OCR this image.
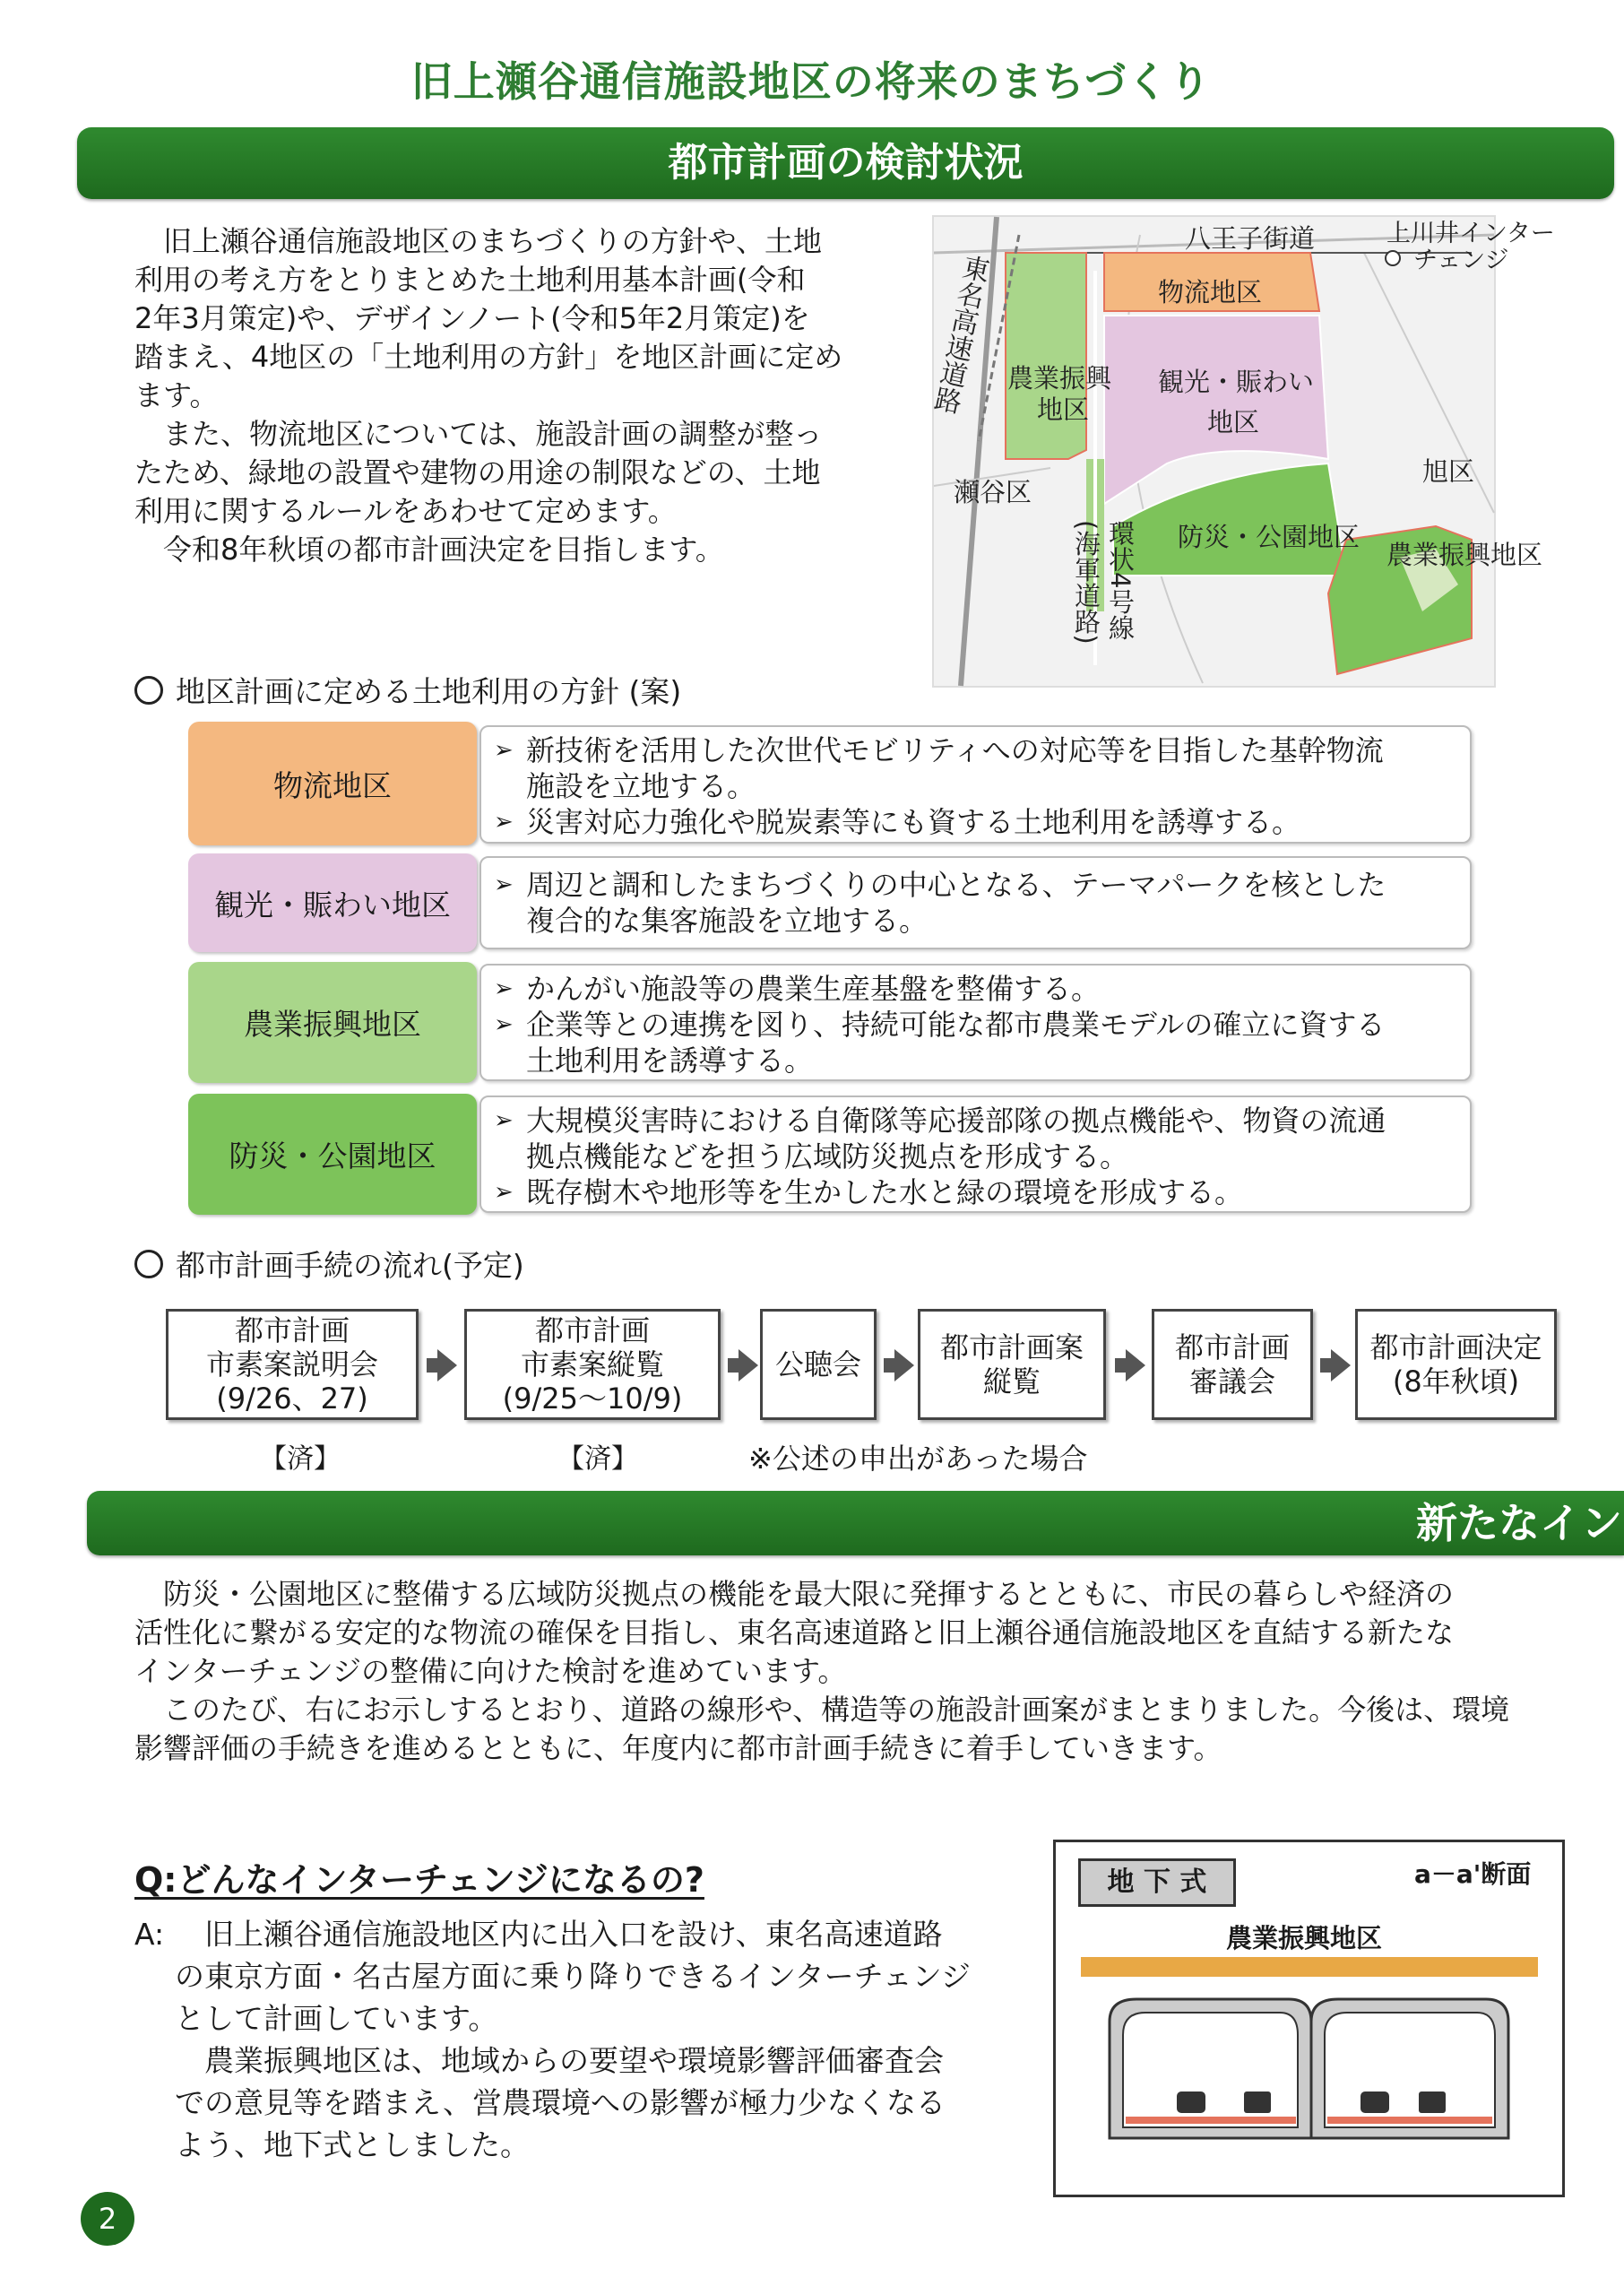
旧上瀬谷通信施設地区の将来のまちづくり
都市計画の検討状況

旧上瀬谷通信施設地区のまちづくりの方針や、土地

利用の考え方をとりまとめた土地利用基本計画(令和

2年3月策定)や、デザインノート(令和5年2月策定)を

踏まえ、4地区の「土地利用の方針」を地区計画に定め

ます。

また、物流地区については、施設計画の調整が整っ

たため、緑地の設置や建物の用途の制限などの、土地

利用に関するルールをあわせて定めます。

令和8年秋頃の都市計画決定を目指します。

八王子街道	上川井インター
チェンジ
東名高速道路	物流地区
農業振興
地区
観光・賑わい
地区
旭区
瀬谷区
(海軍道路) 環状4号線 防災・公園地区
農業振興地区
地区計画に定める土地利用の方針 (案)
物流地区
➢ 新技術を活用した次世代モビリティへの対応等を目指した基幹物流
施設を立地する。
➢ 災害対応力強化や脱炭素等にも資する土地利用を誘導する。
観光・賑わい地区
➢ 周辺と調和したまちづくりの中心となる、テーマパークを核とした
複合的な集客施設を立地する。
農業振興地区
➢ かんがい施設等の農業生産基盤を整備する。
➢ 企業等との連携を図り、持続可能な都市農業モデルの確立に資する
土地利用を誘導する。
防災・公園地区
➢ 大規模災害時における自衛隊等応援部隊の拠点機能や、物資の流通
拠点機能などを担う広域防災拠点を形成する。
➢ 既存樹木や地形等を生かした水と緑の環境を形成する。
都市計画手続の流れ(予定)
都市計画
市素案説明会
(9/26、27)
都市計画
市素案縦覧
(9/25～10/9)
公聴会	都市計画案
縦覧
都市計画
審議会
都市計画決定
(8年秋頃)
【済】	【済】	※公述の申出があった場合
新たなイン

防災・公園地区に整備する広域防災拠点の機能を最大限に発揮するとともに、市民の暮らしや経済の

活性化に繋がる安定的な物流の確保を目指し、東名高速道路と旧上瀬谷通信施設地区を直結する新たな

インターチェンジの整備に向けた検討を進めています。

このたび、右にお示しするとおり、道路の線形や、構造等の施設計画案がまとまりました。今後は、環境

影響評価の手続きを進めるとともに、年度内に都市計画手続きに着手していきます。

Q:どんなインターチェンジになるの?
A:	旧上瀬谷通信施設地区内に出入口を設け、東名高速道路

の東京方面・名古屋方面に乗り降りできるインターチェンジ

として計画しています。

農業振興地区は、地域からの要望や環境影響評価審査会

での意見等を踏まえ、営農環境への影響が極力少なくなる

よう、地下式としました。

地 下 式	a－a'断面
農業振興地区
2
